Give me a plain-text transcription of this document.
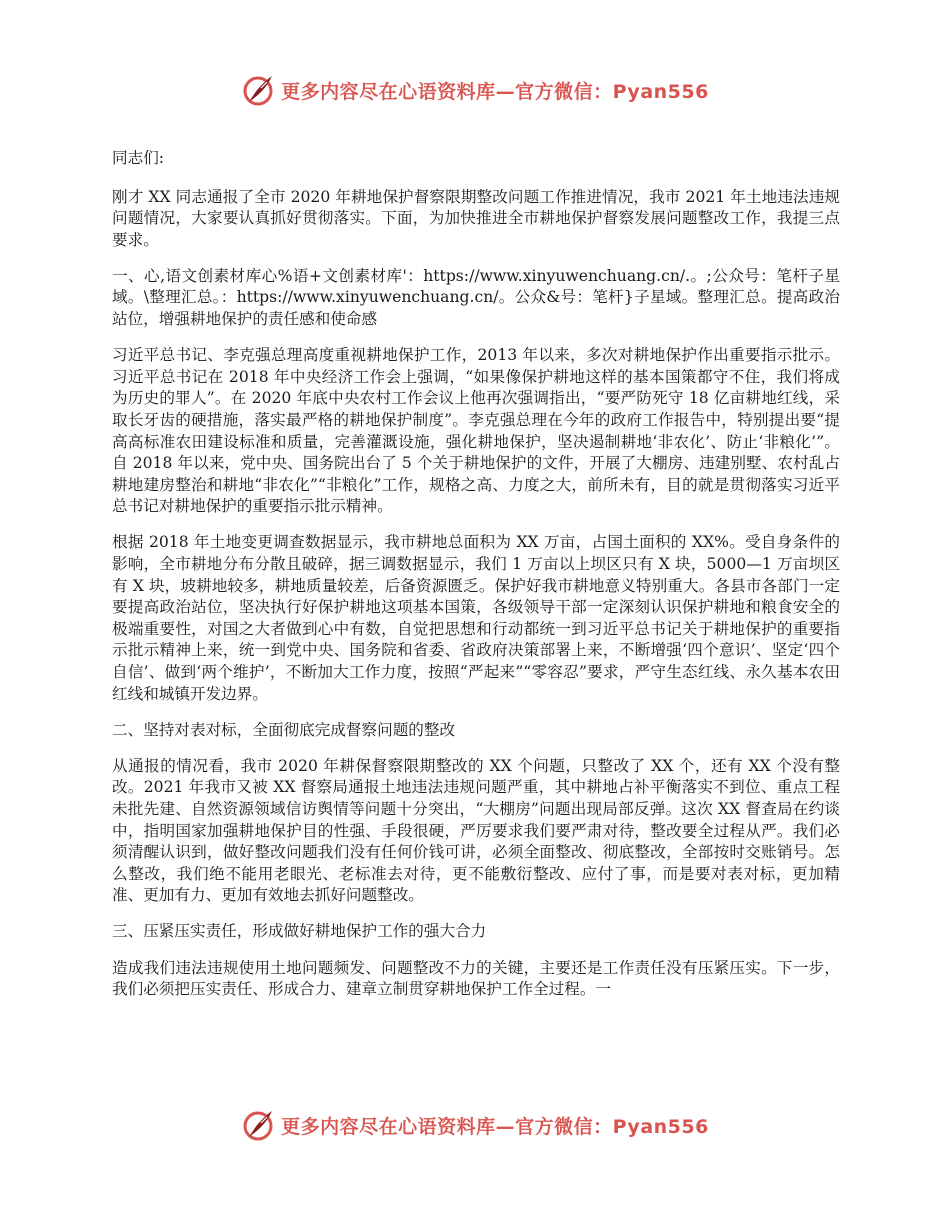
更多内容尽在心语资料库—官方微信：Pyan556

同志们:

刚才 XX 同志通报了全市 2020 年耕地保护督察限期整改问题工作推进情况，我市 2021 年土地违法违规问题情况，大家要认真抓好贯彻落实。下面，为加快推进全市耕地保护督察发展问题整改工作，我提三点要求。

一、心,语文创素材库心%语+文创素材库'：https://www.xinyuwenchuang.cn/.。;公众号：笔杆子星域。\整理汇总。：https://www.xinyuwenchuang.cn/。公众&号：笔杆}子星域。整理汇总。提高政治站位，增强耕地保护的责任感和使命感

习近平总书记、李克强总理高度重视耕地保护工作，2013 年以来，多次对耕地保护作出重要指示批示。习近平总书记在 2018 年中央经济工作会上强调，“如果像保护耕地这样的基本国策都守不住，我们将成为历史的罪人”。在 2020 年底中央农村工作会议上他再次强调指出，“要严防死守 18 亿亩耕地红线，采取长牙齿的硬措施，落实最严格的耕地保护制度”。李克强总理在今年的政府工作报告中，特别提出要“提高高标准农田建设标准和质量，完善灌溉设施，强化耕地保护，坚决遏制耕地‘非农化’、防止‘非粮化’”。自 2018 年以来，党中央、国务院出台了 5 个关于耕地保护的文件，开展了大棚房、违建别墅、农村乱占耕地建房整治和耕地“非农化”“非粮化”工作，规格之高、力度之大，前所未有，目的就是贯彻落实习近平总书记对耕地保护的重要指示批示精神。

根据 2018 年土地变更调查数据显示，我市耕地总面积为 XX 万亩，占国土面积的 XX%。受自身条件的影响，全市耕地分布分散且破碎，据三调数据显示，我们 1 万亩以上坝区只有 X 块，5000—1 万亩坝区有 X 块，坡耕地较多，耕地质量较差，后备资源匮乏。保护好我市耕地意义特别重大。各县市各部门一定要提高政治站位，坚决执行好保护耕地这项基本国策，各级领导干部一定深刻认识保护耕地和粮食安全的极端重要性，对国之大者做到心中有数，自觉把思想和行动都统一到习近平总书记关于耕地保护的重要指示批示精神上来，统一到党中央、国务院和省委、省政府决策部署上来，不断增强‘四个意识’、坚定‘四个自信’、做到‘两个维护’，不断加大工作力度，按照“严起来”“零容忍”要求，严守生态红线、永久基本农田红线和城镇开发边界。

二、坚持对表对标，全面彻底完成督察问题的整改

从通报的情况看，我市 2020 年耕保督察限期整改的 XX 个问题，只整改了 XX 个，还有 XX 个没有整改。2021 年我市又被 XX 督察局通报土地违法违规问题严重，其中耕地占补平衡落实不到位、重点工程未批先建、自然资源领域信访舆情等问题十分突出，“大棚房”问题出现局部反弹。这次 XX 督查局在约谈中，指明国家加强耕地保护目的性强、手段很硬，严厉要求我们要严肃对待，整改要全过程从严。我们必须清醒认识到，做好整改问题我们没有任何价钱可讲，必须全面整改、彻底整改，全部按时交账销号。怎么整改，我们绝不能用老眼光、老标准去对待，更不能敷衍整改、应付了事，而是要对表对标，更加精准、更加有力、更加有效地去抓好问题整改。

三、压紧压实责任，形成做好耕地保护工作的强大合力

造成我们违法违规使用土地问题频发、问题整改不力的关键，主要还是工作责任没有压紧压实。下一步，我们必须把压实责任、形成合力、建章立制贯穿耕地保护工作全过程。一

更多内容尽在心语资料库—官方微信：Pyan556
